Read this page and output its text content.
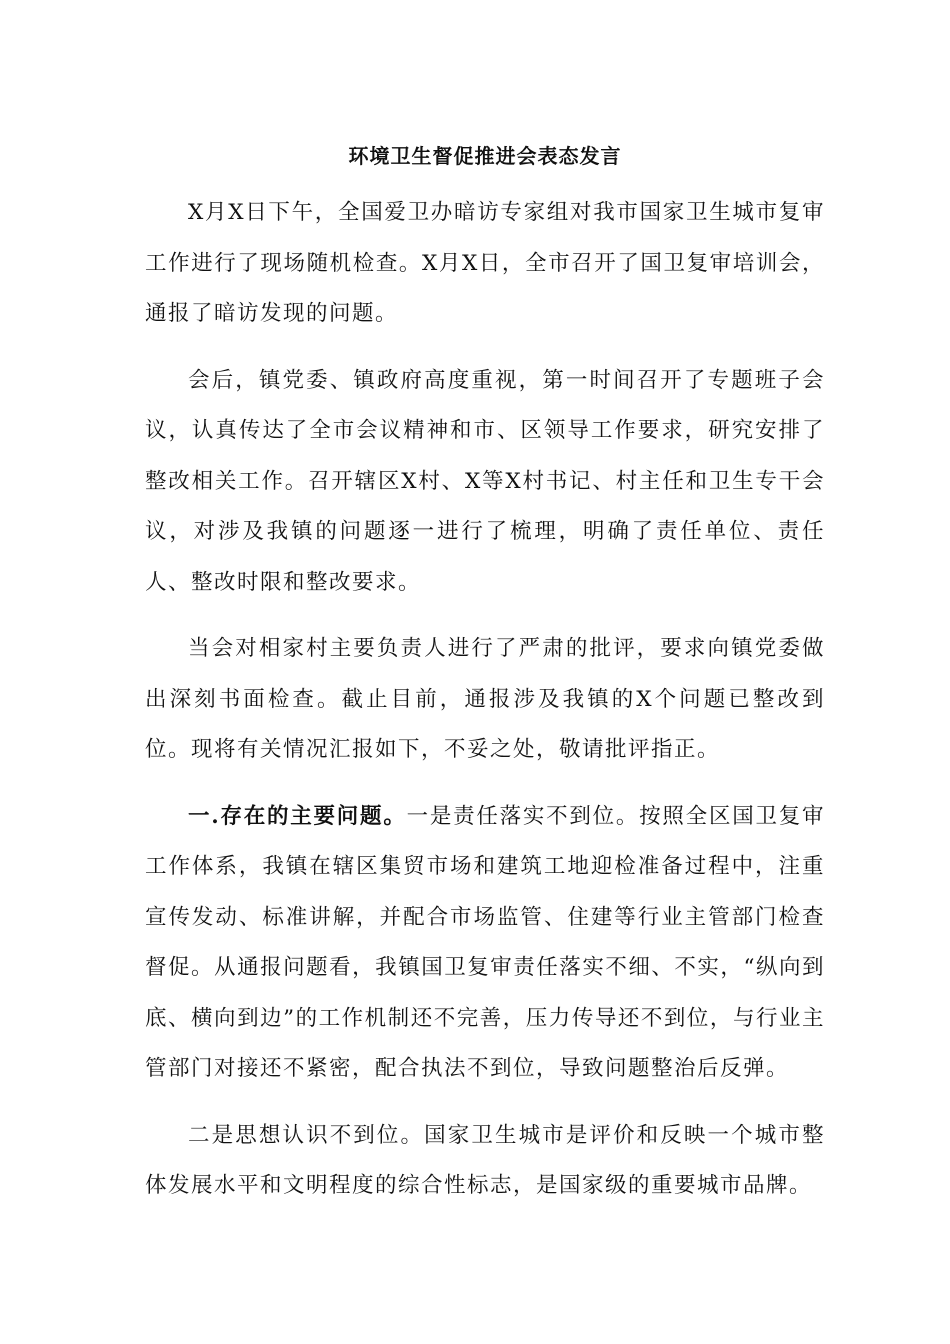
环境卫生督促推进会表态发言

X月X日下午，全国爱卫办暗访专家组对我市国家卫生城市复审工作进行了现场随机检查。X月X日，全市召开了国卫复审培训会，通报了暗访发现的问题。

会后，镇党委、镇政府高度重视，第一时间召开了专题班子会议，认真传达了全市会议精神和市、区领导工作要求，研究安排了整改相关工作。召开辖区X村、X等X村书记、村主任和卫生专干会议，对涉及我镇的问题逐一进行了梳理，明确了责任单位、责任人、整改时限和整改要求。

当会对相家村主要负责人进行了严肃的批评，要求向镇党委做出深刻书面检查。截止目前，通报涉及我镇的X个问题已整改到位。现将有关情况汇报如下，不妥之处，敬请批评指正。

一.存在的主要问题。一是责任落实不到位。按照全区国卫复审工作体系，我镇在辖区集贸市场和建筑工地迎检准备过程中，注重宣传发动、标准讲解，并配合市场监管、住建等行业主管部门检查督促。从通报问题看，我镇国卫复审责任落实不细、不实，“纵向到底、横向到边”的工作机制还不完善，压力传导还不到位，与行业主管部门对接还不紧密，配合执法不到位，导致问题整治后反弹。

二是思想认识不到位。国家卫生城市是评价和反映一个城市整体发展水平和文明程度的综合性标志，是国家级的重要城市品牌。
